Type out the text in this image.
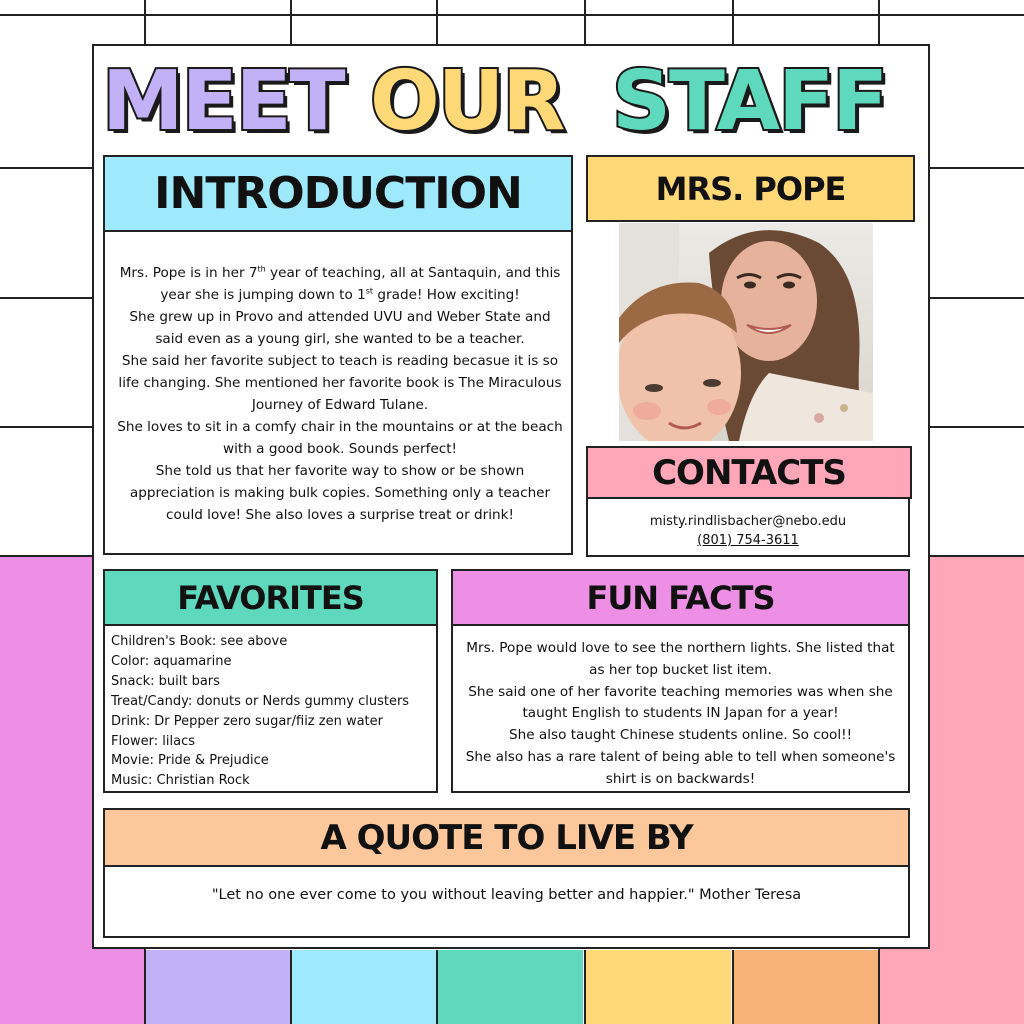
MEET OUR STAFF
INTRODUCTION

Mrs. Pope is in her 7th year of teaching, all at Santaquin, and this year she is jumping down to 1st grade! How exciting!

She grew up in Provo and attended UVU and Weber State and said even as a young girl, she wanted to be a teacher.

She said her favorite subject to teach is reading becasue it is so life changing. She mentioned her favorite book is The Miraculous Journey of Edward Tulane.

She loves to sit in a comfy chair in the mountains or at the beach with a good book. Sounds perfect!

She told us that her favorite way to show or be shown appreciation is making bulk copies. Something only a teacher could love! She also loves a surprise treat or drink!

MRS. POPE
CONTACTS
misty.rindlisbacher@nebo.edu
(801) 754-3611
FAVORITES
Children's Book: see above
Color: aquamarine
Snack: built bars
Treat/Candy: donuts or Nerds gummy clusters
Drink: Dr Pepper zero sugar/fiiz zen water
Flower: lilacs
Movie: Pride & Prejudice
Music: Christian Rock
FUN FACTS

Mrs. Pope would love to see the northern lights. She listed that as her top bucket list item.

She said one of her favorite teaching memories was when she taught English to students IN Japan for a year!

She also taught Chinese students online. So cool!!

She also has a rare talent of being able to tell when someone's shirt is on backwards!

A QUOTE TO LIVE BY
"Let no one ever come to you without leaving better and happier." Mother Teresa
